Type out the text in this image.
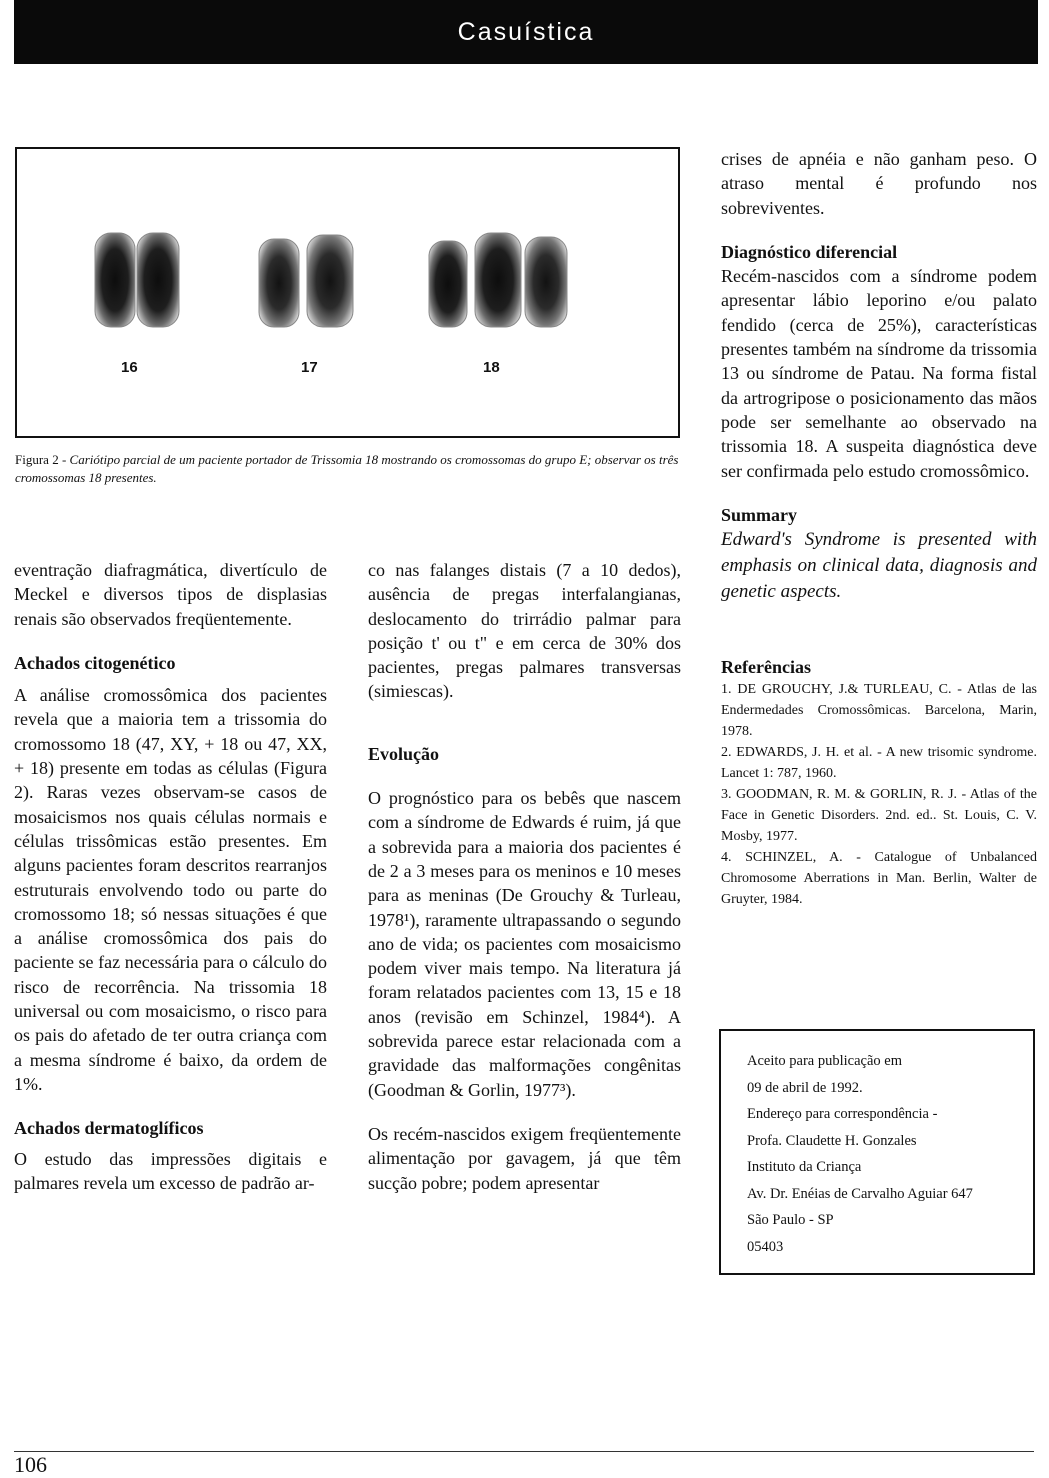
Casuística
16	17	18
Figura 2 - Cariótipo parcial de um paciente portador de Trissomia 18 mostrando os cromossomas do grupo E; observar os três cromossomas 18 presentes.

eventração diafragmática, divertículo de Meckel e diversos tipos de displasias renais são observados freqüentemente.

Achados citogenético

A análise cromossômica dos pacientes revela que a maioria tem a trissomia do cromossomo 18 (47, XY, + 18 ou 47, XX, + 18) presente em todas as células (Figura 2). Raras vezes observam-se casos de mosaicismos nos quais células normais e células trissômicas estão presentes. Em alguns pacientes foram descritos rearranjos estruturais envolvendo todo ou parte do cromossomo 18; só nessas situações é que a análise cromossômica dos pais do paciente se faz necessária para o cálculo do risco de recorrência. Na trissomia 18 universal ou com mosaicismo, o risco para os pais do afetado de ter outra criança com a mesma síndrome é baixo, da ordem de 1%.

Achados dermatoglíficos

O estudo das impressões digitais e palmares revela um excesso de padrão ar-

co nas falanges distais (7 a 10 dedos), ausência de pregas interfalangianas, deslocamento do trirrádio palmar para posição t' ou t" e em cerca de 30% dos pacientes, pregas palmares transversas (simiescas).

Evolução

O prognóstico para os bebês que nascem com a síndrome de Edwards é ruim, já que a sobrevida para a maioria dos pacientes é de 2 a 3 meses para os meninos e 10 meses para as meninas (De Grouchy & Turleau, 1978¹), raramente ultrapassando o segundo ano de vida; os pacientes com mosaicismo podem viver mais tempo. Na literatura já foram relatados pacientes com 13, 15 e 18 anos (revisão em Schinzel, 1984⁴). A sobrevida parece estar relacionada com a gravidade das malformações congênitas (Goodman & Gorlin, 1977³).

Os recém-nascidos exigem freqüentemente alimentação por gavagem, já que têm sucção pobre; podem apresentar

crises de apnéia e não ganham peso. O atraso mental é profundo nos sobreviventes.

Diagnóstico diferencial

Recém-nascidos com a síndrome podem apresentar lábio leporino e/ou palato fendido (cerca de 25%), características presentes também na síndrome da trissomia 13 ou síndrome de Patau. Na forma fistal da artrogripose o posicionamento das mãos pode ser semelhante ao observado na trissomia 18. A suspeita diagnóstica deve ser confirmada pelo estudo cromossômico.

Summary

Edward's Syndrome is presented with emphasis on clinical data, diagnosis and genetic aspects.

Referências
1. DE GROUCHY, J.& TURLEAU, C. - Atlas de las Endermedades Cromossômicas. Barcelona, Marin, 1978.
2. EDWARDS, J. H. et al. - A new trisomic syndrome. Lancet 1: 787, 1960.
3. GOODMAN, R. M. & GORLIN, R. J. - Atlas of the Face in Genetic Disorders. 2nd. ed.. St. Louis, C. V. Mosby, 1977.
4. SCHINZEL, A. - Catalogue of Unbalanced Chromosome Aberrations in Man. Berlin, Walter de Gruyter, 1984.
Aceito para publicação em
09 de abril de 1992.
Endereço para correspondência -
Profa. Claudette H. Gonzales
Instituto da Criança
Av. Dr. Enéias de Carvalho Aguiar 647
São Paulo - SP
05403
106
